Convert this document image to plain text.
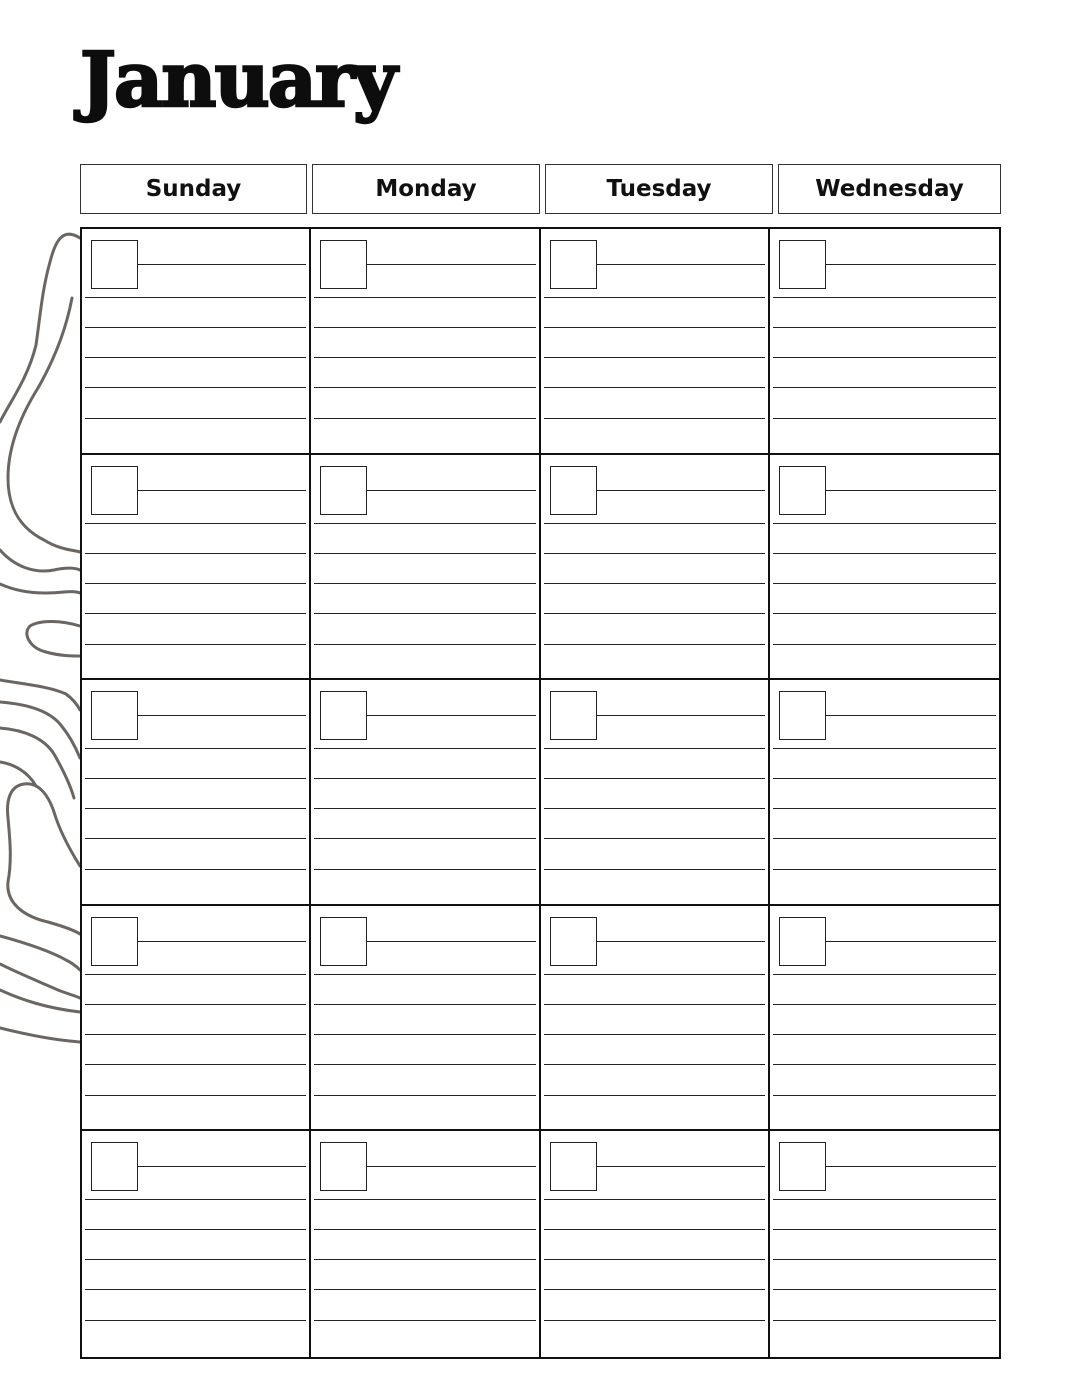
January
Sunday	Monday	Tuesday	Wednesday
